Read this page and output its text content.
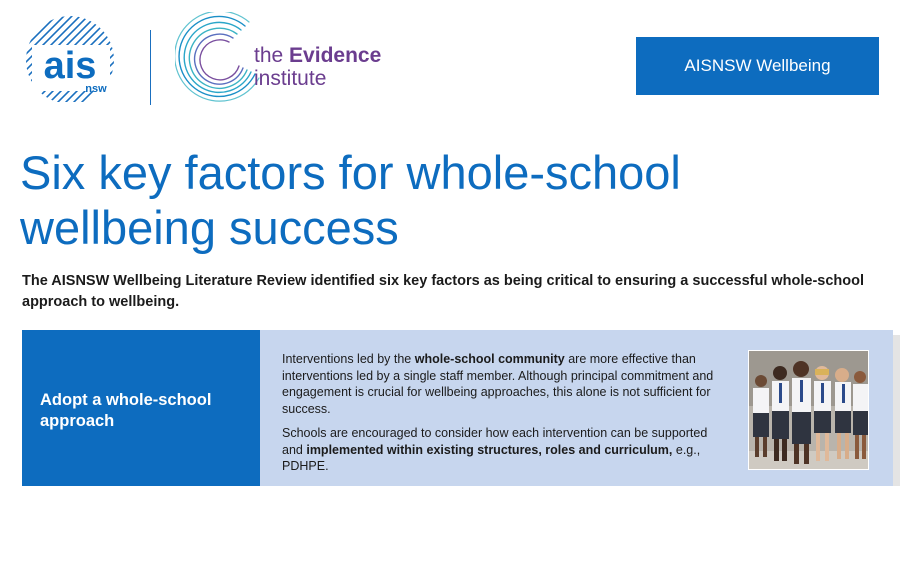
ais
nsw
the Evidence
institute
AISNSW Wellbeing
Six key factors for whole-school wellbeing success

The AISNSW Wellbeing Literature Review identified six key factors as being critical to ensuring a successful whole-school approach to wellbeing.

Adopt a whole-school approach

Interventions led by the whole-school community are more effective than interventions led by a single staff member. Although principal commitment and engagement is crucial for wellbeing approaches, this alone is not sufficient for success.

Schools are encouraged to consider how each intervention can be supported and implemented within existing structures, roles and curriculum, e.g., PDHPE.
